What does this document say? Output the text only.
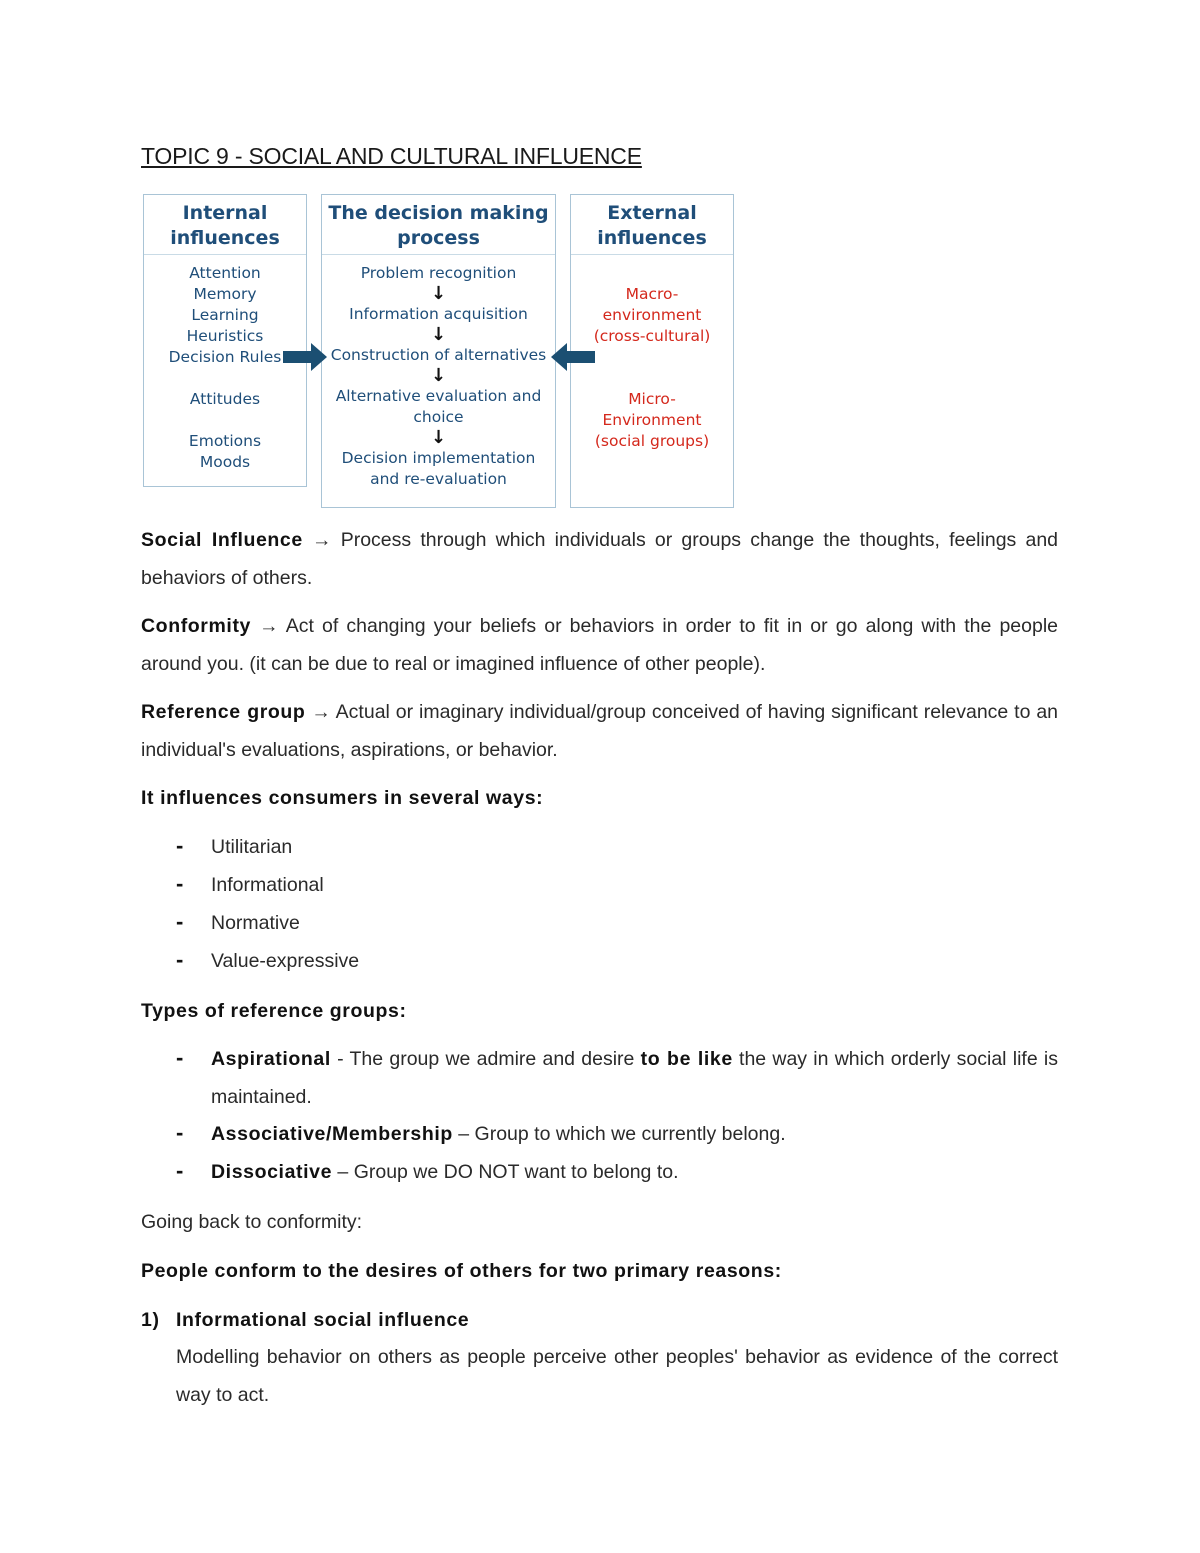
TOPIC 9 - SOCIAL AND CULTURAL INFLUENCE
Internal
influences
Attention
Memory
Learning
Heuristics
Decision Rules
Attitudes
Emotions
Moods
The decision making
process
Problem recognition
↓
Information acquisition
↓
Construction of alternatives
↓
Alternative evaluation and
choice
↓
Decision implementation
and re-evaluation
External
influences
Macro-
environment
(cross-cultural)
Micro-
Environment
(social groups)
Social Influence → Process through which individuals or groups change the thoughts, feelings and behaviors of others.
Conformity → Act of changing your beliefs or behaviors in order to fit in or go along with the people around you. (it can be due to real or imagined influence of other people).
Reference group → Actual or imaginary individual/group conceived of having significant relevance to an individual's evaluations, aspirations, or behavior.
It influences consumers in several ways:
- Utilitarian
- Informational
- Normative
- Value-expressive
Types of reference groups:
- Aspirational - The group we admire and desire to be like the way in which orderly social life is maintained.
- Associative/Membership – Group to which we currently belong.
- Dissociative – Group we DO NOT want to belong to.
Going back to conformity:
People conform to the desires of others for two primary reasons:
1) Informational social influence
Modelling behavior on others as people perceive other peoples' behavior as evidence of the correct way to act.
